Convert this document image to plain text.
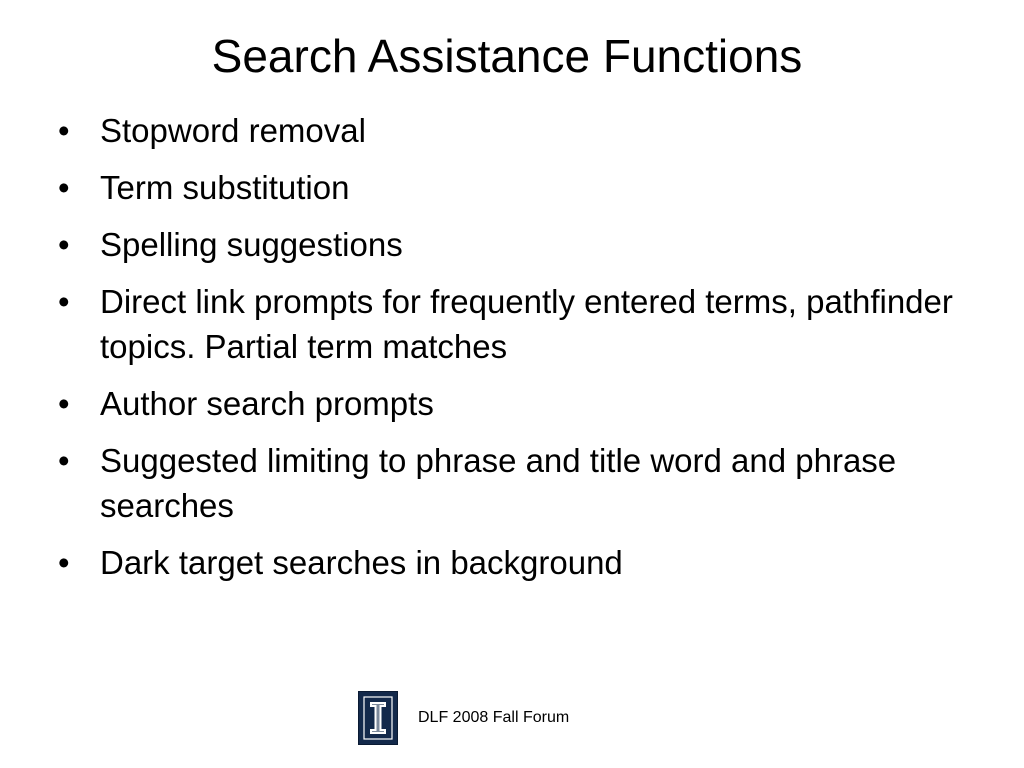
Search Assistance Functions
• Stopword removal
• Term substitution
• Spelling suggestions
• Direct link prompts for frequently entered terms, pathfinder topics. Partial term matches
• Author search prompts
• Suggested limiting to phrase and title word and phrase searches
• Dark target searches in background
DLF 2008 Fall Forum
